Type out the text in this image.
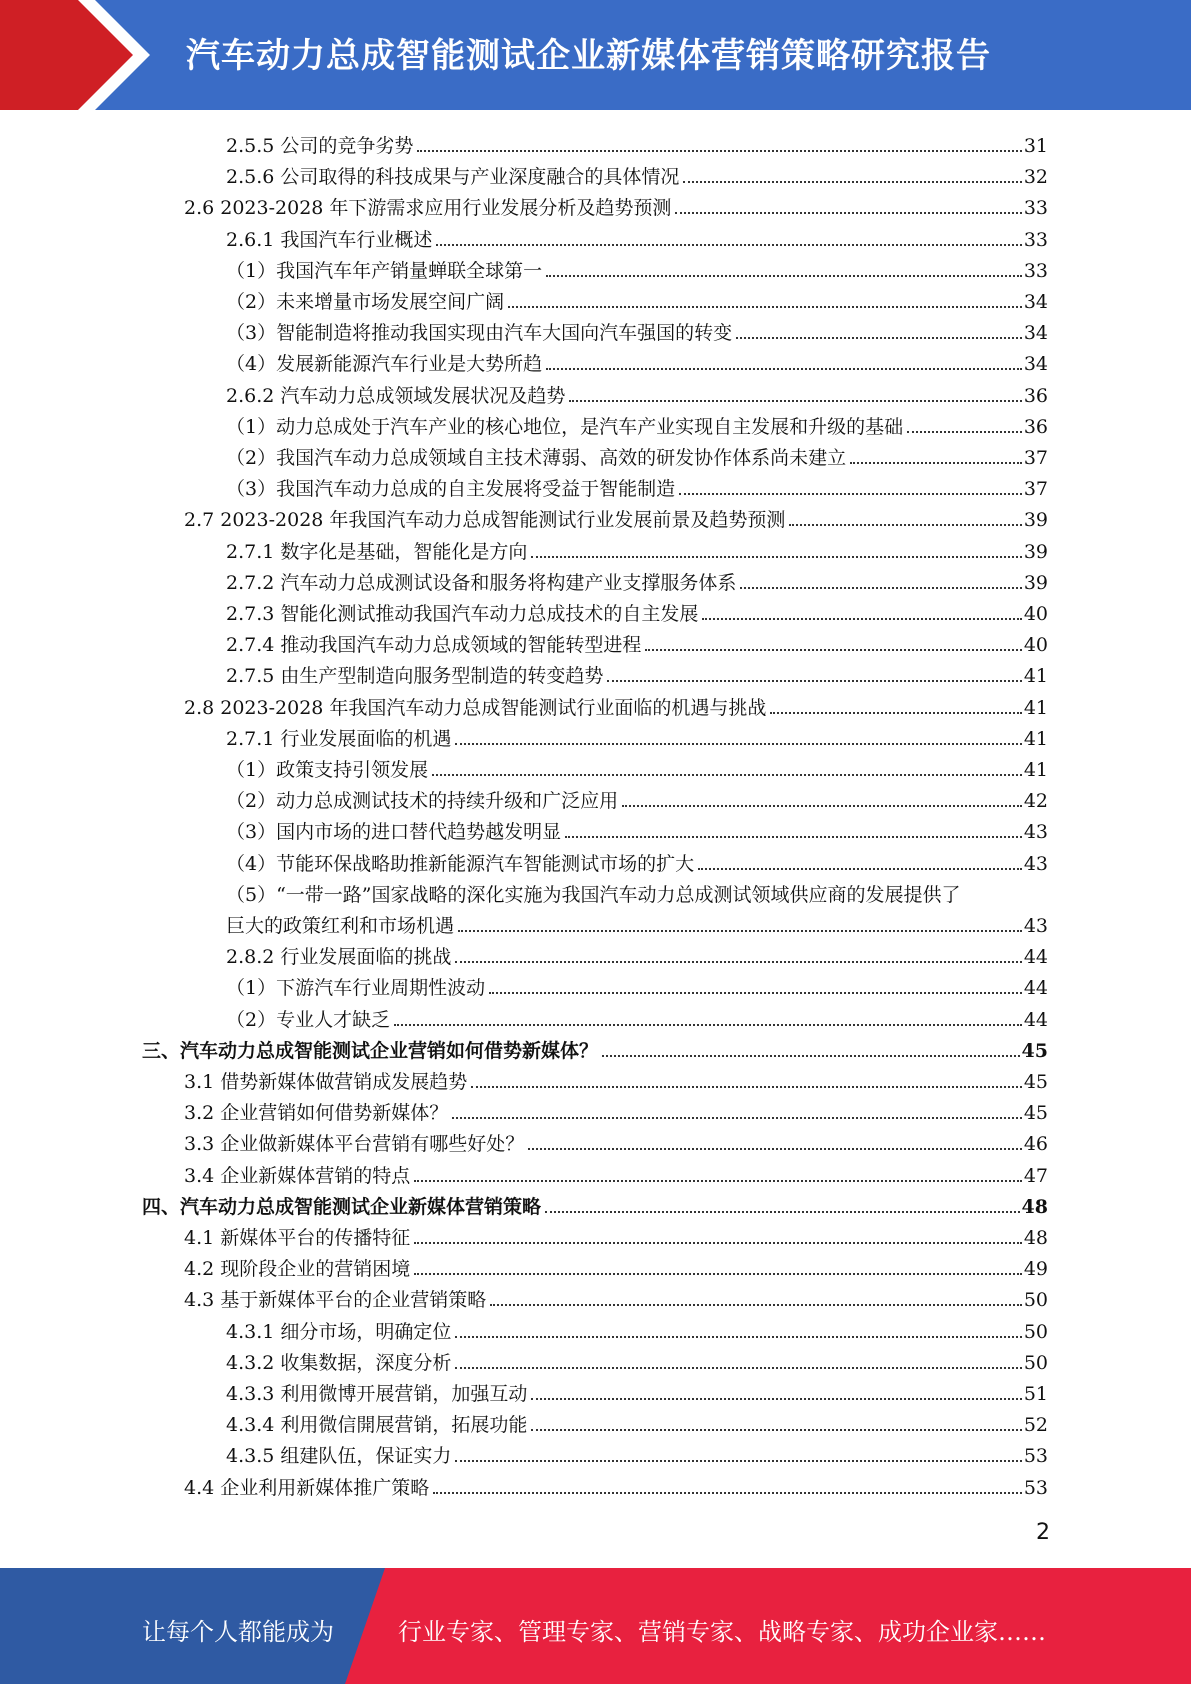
汽车动力总成智能测试企业新媒体营销策略研究报告
2.5.5 公司的竞争劣势	31
2.5.6 公司取得的科技成果与产业深度融合的具体情况	32
2.6 2023-2028 年下游需求应用行业发展分析及趋势预测	33
2.6.1 我国汽车行业概述	33
（1）我国汽车年产销量蝉联全球第一	33
（2）未来增量市场发展空间广阔	34
（3）智能制造将推动我国实现由汽车大国向汽车强国的转变	34
（4）发展新能源汽车行业是大势所趋	34
2.6.2 汽车动力总成领域发展状况及趋势	36
（1）动力总成处于汽车产业的核心地位，是汽车产业实现自主发展和升级的基础	36
（2）我国汽车动力总成领域自主技术薄弱、高效的研发协作体系尚未建立	37
（3）我国汽车动力总成的自主发展将受益于智能制造	37
2.7 2023-2028 年我国汽车动力总成智能测试行业发展前景及趋势预测	39
2.7.1 数字化是基础，智能化是方向	39
2.7.2 汽车动力总成测试设备和服务将构建产业支撑服务体系	39
2.7.3 智能化测试推动我国汽车动力总成技术的自主发展	40
2.7.4 推动我国汽车动力总成领域的智能转型进程	40
2.7.5 由生产型制造向服务型制造的转变趋势	41
2.8 2023-2028 年我国汽车动力总成智能测试行业面临的机遇与挑战	41
2.7.1 行业发展面临的机遇	41
（1）政策支持引领发展	41
（2）动力总成测试技术的持续升级和广泛应用	42
（3）国内市场的进口替代趋势越发明显	43
（4）节能环保战略助推新能源汽车智能测试市场的扩大	43
（5）“一带一路”国家战略的深化实施为我国汽车动力总成测试领域供应商的发展提供了
巨大的政策红利和市场机遇	43
2.8.2 行业发展面临的挑战	44
（1）下游汽车行业周期性波动	44
（2）专业人才缺乏	44
三、汽车动力总成智能测试企业营销如何借势新媒体？	45
3.1 借势新媒体做营销成发展趋势	45
3.2 企业营销如何借势新媒体？	45
3.3 企业做新媒体平台营销有哪些好处？	46
3.4 企业新媒体营销的特点	47
四、汽车动力总成智能测试企业新媒体营销策略	48
4.1 新媒体平台的传播特征	48
4.2 现阶段企业的营销困境	49
4.3 基于新媒体平台的企业营销策略	50
4.3.1 细分市场，明确定位	50
4.3.2 收集数据，深度分析	50
4.3.3 利用微博开展营销，加强互动	51
4.3.4 利用微信開展营销，拓展功能	52
4.3.5 组建队伍，保证实力	53
4.4 企业利用新媒体推广策略	53
2
让每个人都能成为	行业专家、管理专家、营销专家、战略专家、成功企业家……
